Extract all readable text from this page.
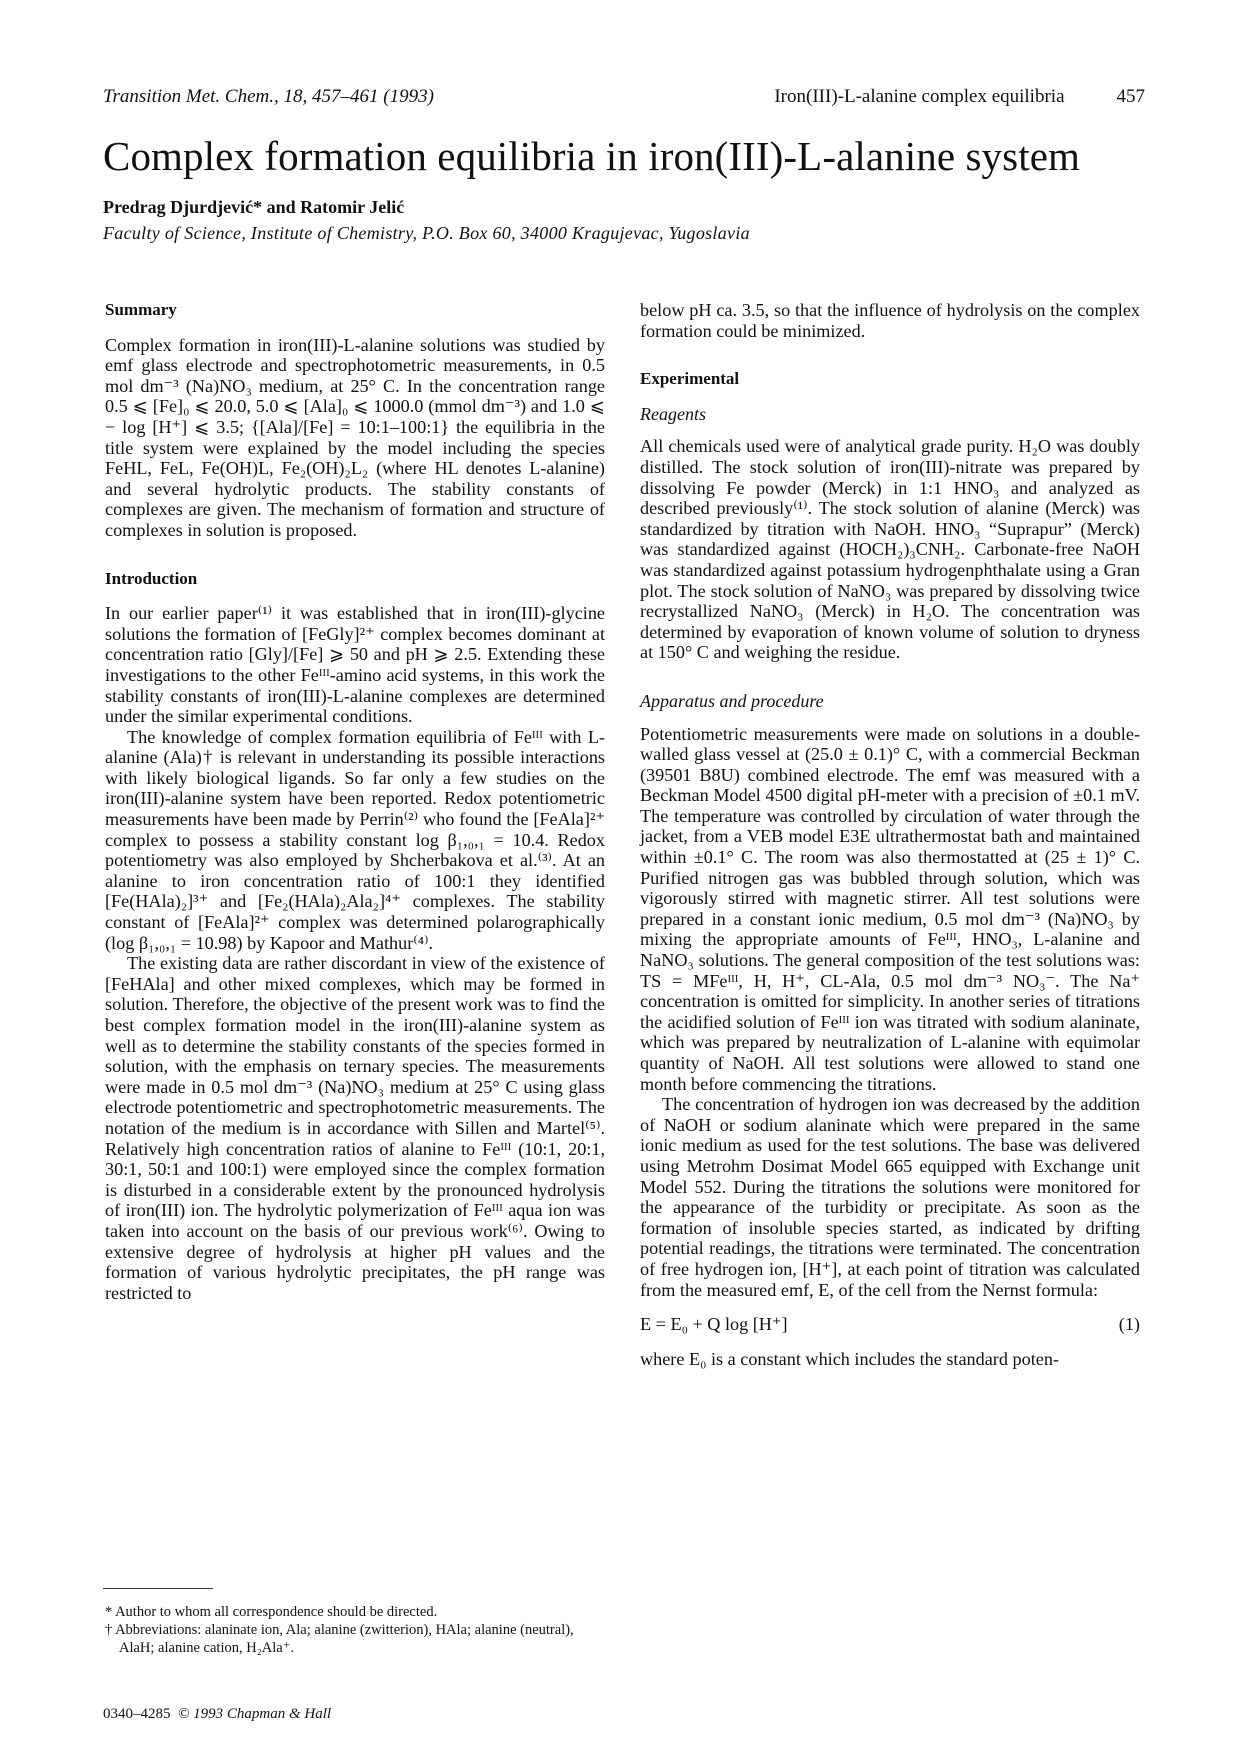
Transition Met. Chem., 18, 457–461 (1993)	Iron(III)-L-alanine complex equilibria	457
Complex formation equilibria in iron(III)-L-alanine system
Predrag Djurdjević* and Ratomir Jelić
Faculty of Science, Institute of Chemistry, P.O. Box 60, 34000 Kragujevac, Yugoslavia
Summary

Complex formation in iron(III)-L-alanine solutions was studied by emf glass electrode and spectrophotometric measurements, in 0.5 mol dm⁻³ (Na)NO₃ medium, at 25° C. In the concentration range 0.5 ⩽ [Fe]₀ ⩽ 20.0, 5.0 ⩽ [Ala]₀ ⩽ 1000.0 (mmol dm⁻³) and 1.0 ⩽ − log [H⁺] ⩽ 3.5; {[Ala]/[Fe] = 10:1–100:1} the equilibria in the title system were explained by the model including the species FeHL, FeL, Fe(OH)L, Fe₂(OH)₂L₂ (where HL denotes L-alanine) and several hydrolytic products. The stability constants of complexes are given. The mechanism of formation and structure of complexes in solution is proposed.

Introduction

In our earlier paper⁽¹⁾ it was established that in iron(III)-glycine solutions the formation of [FeGly]²⁺ complex becomes dominant at concentration ratio [Gly]/[Fe] ⩾ 50 and pH ⩾ 2.5. Extending these investigations to the other Feᴵᴵᴵ-amino acid systems, in this work the stability constants of iron(III)-L-alanine complexes are determined under the similar experimental conditions.

The knowledge of complex formation equilibria of Feᴵᴵᴵ with L-alanine (Ala)† is relevant in understanding its possible interactions with likely biological ligands. So far only a few studies on the iron(III)-alanine system have been reported. Redox potentiometric measurements have been made by Perrin⁽²⁾ who found the [FeAla]²⁺ complex to possess a stability constant log β₁,₀,₁ = 10.4. Redox potentiometry was also employed by Shcherbakova et al.⁽³⁾. At an alanine to iron concentration ratio of 100:1 they identified [Fe(HAla)₂]³⁺ and [Fe₂(HAla)₂Ala₂]⁴⁺ complexes. The stability constant of [FeAla]²⁺ complex was determined polarographically (log β₁,₀,₁ = 10.98) by Kapoor and Mathur⁽⁴⁾.

The existing data are rather discordant in view of the existence of [FeHAla] and other mixed complexes, which may be formed in solution. Therefore, the objective of the present work was to find the best complex formation model in the iron(III)-alanine system as well as to determine the stability constants of the species formed in solution, with the emphasis on ternary species. The measurements were made in 0.5 mol dm⁻³ (Na)NO₃ medium at 25° C using glass electrode potentiometric and spectrophotometric measurements. The notation of the medium is in accordance with Sillen and Martel⁽⁵⁾. Relatively high concentration ratios of alanine to Feᴵᴵᴵ (10:1, 20:1, 30:1, 50:1 and 100:1) were employed since the complex formation is disturbed in a considerable extent by the pronounced hydrolysis of iron(III) ion. The hydrolytic polymerization of Feᴵᴵᴵ aqua ion was taken into account on the basis of our previous work⁽⁶⁾. Owing to extensive degree of hydrolysis at higher pH values and the formation of various hydrolytic precipitates, the pH range was restricted to

below pH ca. 3.5, so that the influence of hydrolysis on the complex formation could be minimized.

Experimental
Reagents

All chemicals used were of analytical grade purity. H₂O was doubly distilled. The stock solution of iron(III)-nitrate was prepared by dissolving Fe powder (Merck) in 1:1 HNO₃ and analyzed as described previously⁽¹⁾. The stock solution of alanine (Merck) was standardized by titration with NaOH. HNO₃ “Suprapur” (Merck) was standardized against (HOCH₂)₃CNH₂. Carbonate-free NaOH was standardized against potassium hydrogenphthalate using a Gran plot. The stock solution of NaNO₃ was prepared by dissolving twice recrystallized NaNO₃ (Merck) in H₂O. The concentration was determined by evaporation of known volume of solution to dryness at 150° C and weighing the residue.

Apparatus and procedure

Potentiometric measurements were made on solutions in a double-walled glass vessel at (25.0 ± 0.1)° C, with a commercial Beckman (39501 B8U) combined electrode. The emf was measured with a Beckman Model 4500 digital pH-meter with a precision of ±0.1 mV. The temperature was controlled by circulation of water through the jacket, from a VEB model E3E ultrathermostat bath and maintained within ±0.1° C. The room was also thermostatted at (25 ± 1)° C. Purified nitrogen gas was bubbled through solution, which was vigorously stirred with magnetic stirrer. All test solutions were prepared in a constant ionic medium, 0.5 mol dm⁻³ (Na)NO₃ by mixing the appropriate amounts of Feᴵᴵᴵ, HNO₃, L-alanine and NaNO₃ solutions. The general composition of the test solutions was: TS = MFeᴵᴵᴵ, H, H⁺, CL-Ala, 0.5 mol dm⁻³ NO₃⁻. The Na⁺ concentration is omitted for simplicity. In another series of titrations the acidified solution of Feᴵᴵᴵ ion was titrated with sodium alaninate, which was prepared by neutralization of L-alanine with equimolar quantity of NaOH. All test solutions were allowed to stand one month before commencing the titrations.

The concentration of hydrogen ion was decreased by the addition of NaOH or sodium alaninate which were prepared in the same ionic medium as used for the test solutions. The base was delivered using Metrohm Dosimat Model 665 equipped with Exchange unit Model 552. During the titrations the solutions were monitored for the appearance of the turbidity or precipitate. As soon as the formation of insoluble species started, as indicated by drifting potential readings, the titrations were terminated. The concentration of free hydrogen ion, [H⁺], at each point of titration was calculated from the measured emf, E, of the cell from the Nernst formula:

E = E₀ + Q log [H⁺]	(1)

where E₀ is a constant which includes the standard poten-

* Author to whom all correspondence should be directed.

† Abbreviations: alaninate ion, Ala; alanine (zwitterion), HAla; alanine (neutral), AlaH; alanine cation, H₂Ala⁺.

0340–4285 © 1993 Chapman & Hall
